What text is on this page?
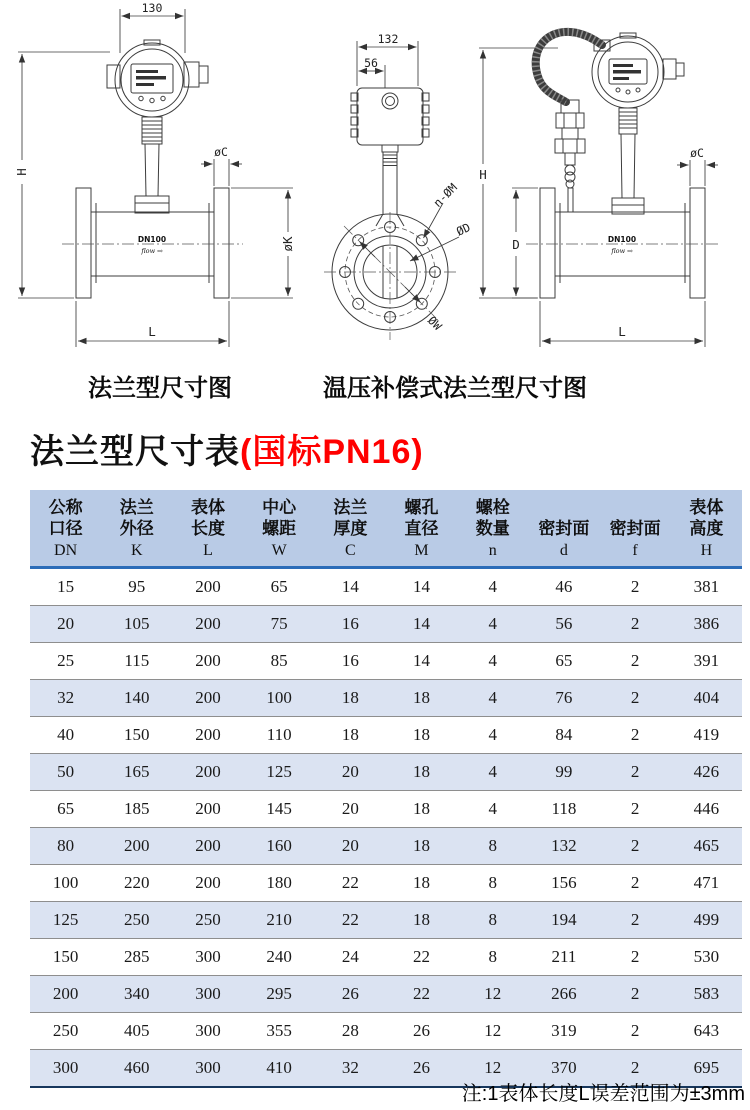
130
H
DN100
flow ⇨
øC
øK
L
132
56
n-ØM
ØD
ØW
H
D	DN100
flow ⇨
øC
L
法兰型尺寸图	温压补偿式法兰型尺寸图
法兰型尺寸表(国标PN16)
公称
口径
DN

法兰
外径
K

表体
长度
L

中心
螺距
W

法兰
厚度
C

螺孔
直径
M

螺栓
数量
n

密封面
d

密封面
f

表体
高度
H

15	95	200	65	14	14	4	46	2	381
20	105	200	75	16	14	4	56	2	386
25	115	200	85	16	14	4	65	2	391
32	140	200	100	18	18	4	76	2	404
40	150	200	110	18	18	4	84	2	419
50	165	200	125	20	18	4	99	2	426
65	185	200	145	20	18	4	118	2	446
80	200	200	160	20	18	8	132	2	465
100	220	200	180	22	18	8	156	2	471
125	250	250	210	22	18	8	194	2	499
150	285	300	240	24	22	8	211	2	530
200	340	300	295	26	22	12	266	2	583
250	405	300	355	28	26	12	319	2	643
300	460	300	410	32	26	12	370	2	695
注:1表体长度L误差范围为±3mm
